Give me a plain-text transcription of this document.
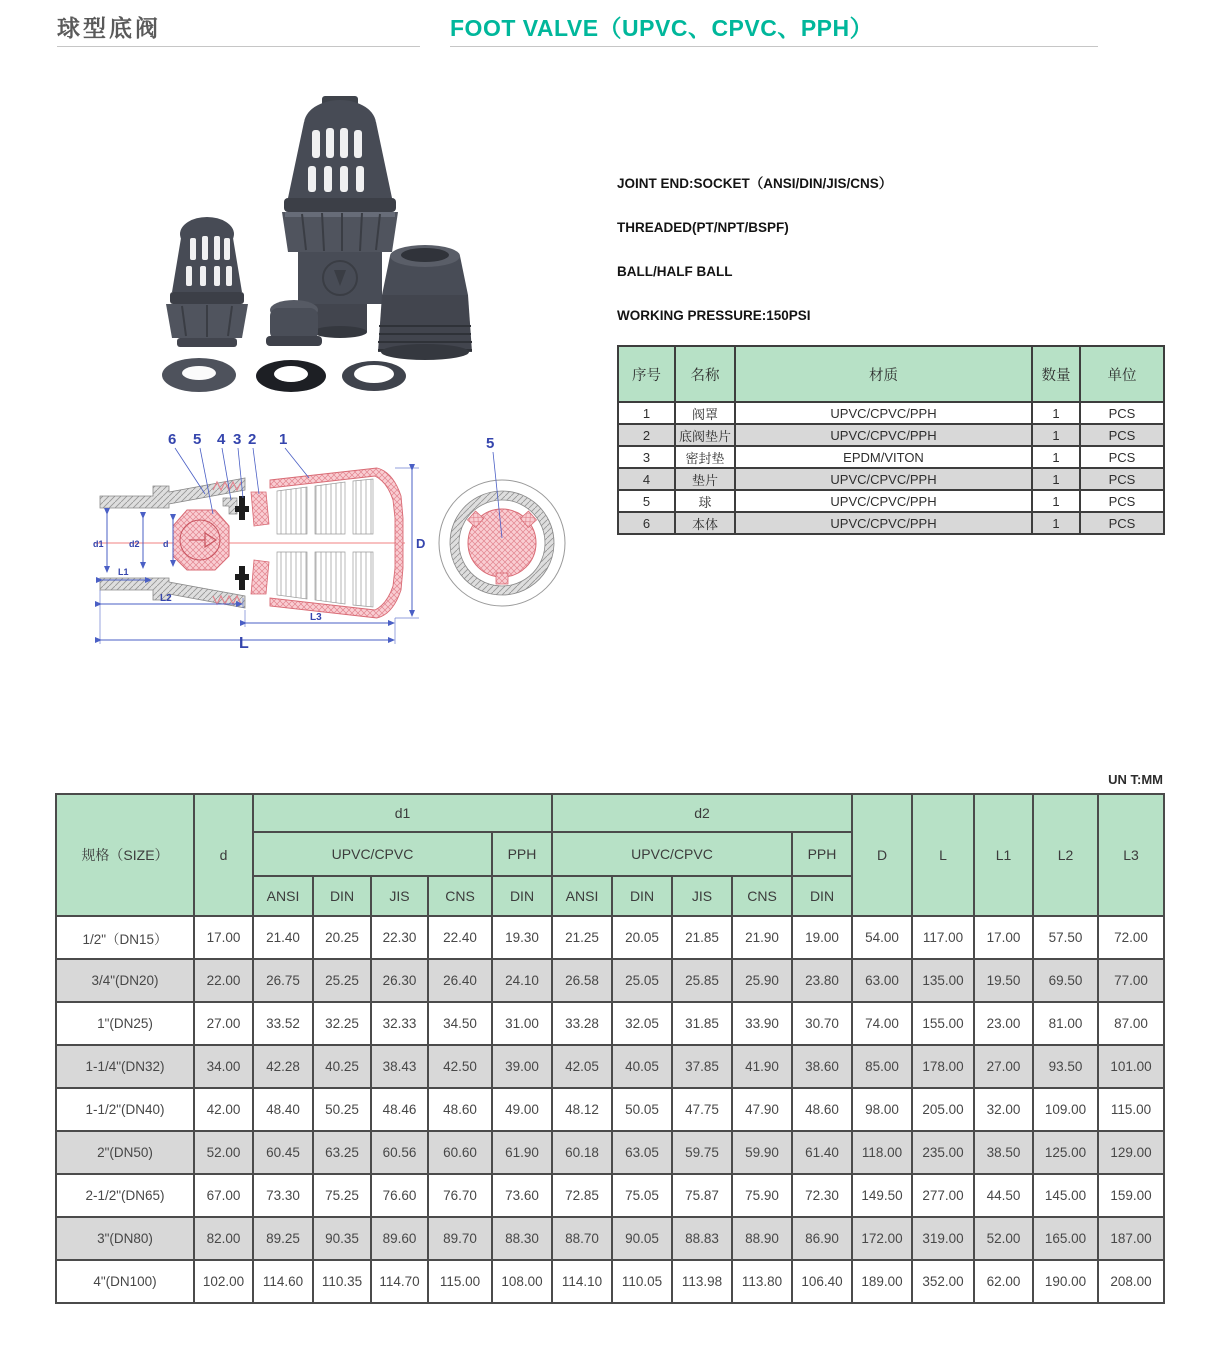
球型底阀	FOOT VALVE（UPVC、CPVC、PPH）
JOINT END:SOCKET（ANSI/DIN/JIS/CNS）
THREADED(PT/NPT/BSPF)
BALL/HALF BALL
WORKING PRESSURE:150PSI
序号	名称	材质	数量	单位
1	阀罩	UPVC/CPVC/PPH	1	PCS
2	底阀垫片	UPVC/CPVC/PPH	1	PCS
3	密封垫	EPDM/VITON	1	PCS
4	垫片	UPVC/CPVC/PPH	1	PCS
5	球	UPVC/CPVC/PPH	1	PCS
6	本体	UPVC/CPVC/PPH	1	PCS
6 5 4 3 2 1
d1	d2	d
L1
L2
L3
L
D
5
UN T:MM
规格（SIZE）	d	d1					d2					D	L	L1	L2	L3
		UPVC/CPVC				PPH	UPVC/CPVC				PPH					
		ANSI	DIN	JIS	CNS	DIN	ANSI	DIN	JIS	CNS	DIN					
1/2"（DN15）	17.00	21.40	20.25	22.30	22.40	19.30	21.25	20.05	21.85	21.90	19.00	54.00	117.00	17.00	57.50	72.00
3/4"(DN20)	22.00	26.75	25.25	26.30	26.40	24.10	26.58	25.05	25.85	25.90	23.80	63.00	135.00	19.50	69.50	77.00
1"(DN25)	27.00	33.52	32.25	32.33	34.50	31.00	33.28	32.05	31.85	33.90	30.70	74.00	155.00	23.00	81.00	87.00
1-1/4"(DN32)	34.00	42.28	40.25	38.43	42.50	39.00	42.05	40.05	37.85	41.90	38.60	85.00	178.00	27.00	93.50	101.00
1-1/2"(DN40)	42.00	48.40	50.25	48.46	48.60	49.00	48.12	50.05	47.75	47.90	48.60	98.00	205.00	32.00	109.00	115.00
2"(DN50)	52.00	60.45	63.25	60.56	60.60	61.90	60.18	63.05	59.75	59.90	61.40	118.00	235.00	38.50	125.00	129.00
2-1/2"(DN65)	67.00	73.30	75.25	76.60	76.70	73.60	72.85	75.05	75.87	75.90	72.30	149.50	277.00	44.50	145.00	159.00
3"(DN80)	82.00	89.25	90.35	89.60	89.70	88.30	88.70	90.05	88.83	88.90	86.90	172.00	319.00	52.00	165.00	187.00
4"(DN100)	102.00	114.60	110.35	114.70	115.00	108.00	114.10	110.05	113.98	113.80	106.40	189.00	352.00	62.00	190.00	208.00
